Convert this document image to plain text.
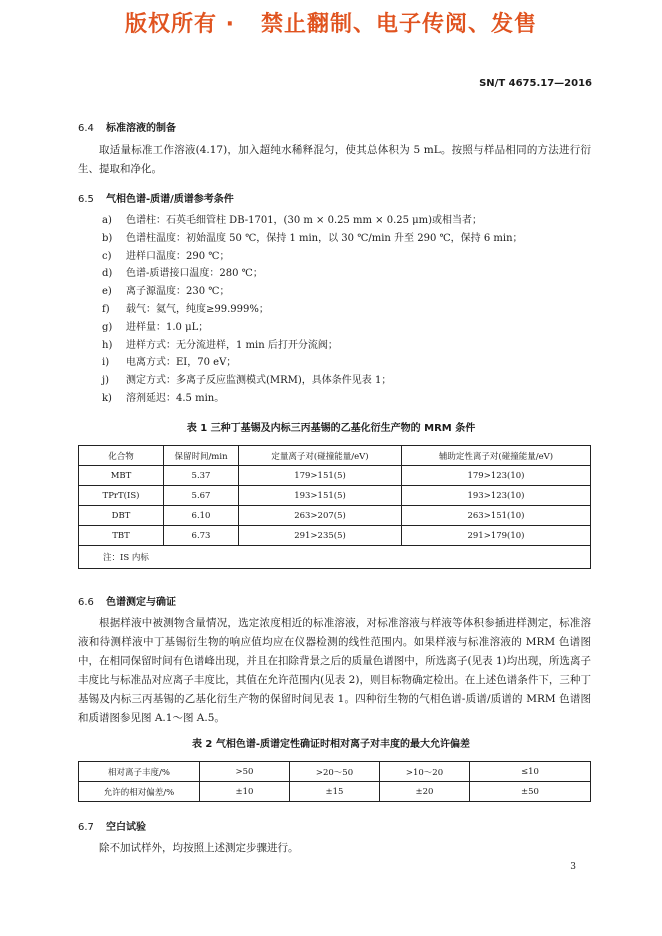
版权所有 ·   禁止翻制、电子传阅、发售
SN/T 4675.17—2016
6.4 标准溶液的制备
取适量标准工作溶液(4.17)，加入超纯水稀释混匀，使其总体积为 5 mL。按照与样品相同的方法进行衍生、提取和净化。
6.5 气相色谱-质谱/质谱参考条件
a) 色谱柱：石英毛细管柱 DB-1701，(30 m × 0.25 mm × 0.25 μm)或相当者；
b) 色谱柱温度：初始温度 50 ℃，保持 1 min，以 30 ℃/min 升至 290 ℃，保持 6 min；
c) 进样口温度：290 ℃；
d) 色谱-质谱接口温度：280 ℃；
e) 离子源温度：230 ℃；
f) 载气：氦气，纯度≥99.999%；
g) 进样量：1.0 μL；
h) 进样方式：无分流进样，1 min 后打开分流阀；
i) 电离方式：EI，70 eV；
j) 测定方式：多离子反应监测模式(MRM)，具体条件见表 1；
k) 溶剂延迟：4.5 min。
表 1 三种丁基锡及内标三丙基锡的乙基化衍生产物的 MRM 条件
化合物	保留时间/min	定量离子对(碰撞能量/eV)	辅助定性离子对(碰撞能量/eV)
MBT	5.37	179>151(5)	179>123(10)
TPrT(IS)	5.67	193>151(5)	193>123(10)
DBT	6.10	263>207(5)	263>151(10)
TBT	6.73	291>235(5)	291>179(10)
注：IS 内标			
6.6 色谱测定与确证
根据样液中被测物含量情况，选定浓度相近的标准溶液，对标准溶液与样液等体积参插进样测定，标准溶液和待测样液中丁基锡衍生物的响应值均应在仪器检测的线性范围内。如果样液与标准溶液的 MRM 色谱图中，在相同保留时间有色谱峰出现，并且在扣除背景之后的质量色谱图中，所选离子(见表 1)均出现，所选离子丰度比与标准品对应离子丰度比，其值在允许范围内(见表 2)，则目标物确定检出。在上述色谱条件下，三种丁基锡及内标三丙基锡的乙基化衍生产物的保留时间见表 1。四种衍生物的气相色谱-质谱/质谱的 MRM 色谱图和质谱图参见图 A.1～图 A.5。
表 2 气相色谱-质谱定性确证时相对离子对丰度的最大允许偏差
相对离子丰度/%	>50	>20～50	>10～20	≤10
允许的相对偏差/%	±10	±15	±20	±50
6.7 空白试验
除不加试样外，均按照上述测定步骤进行。
3
